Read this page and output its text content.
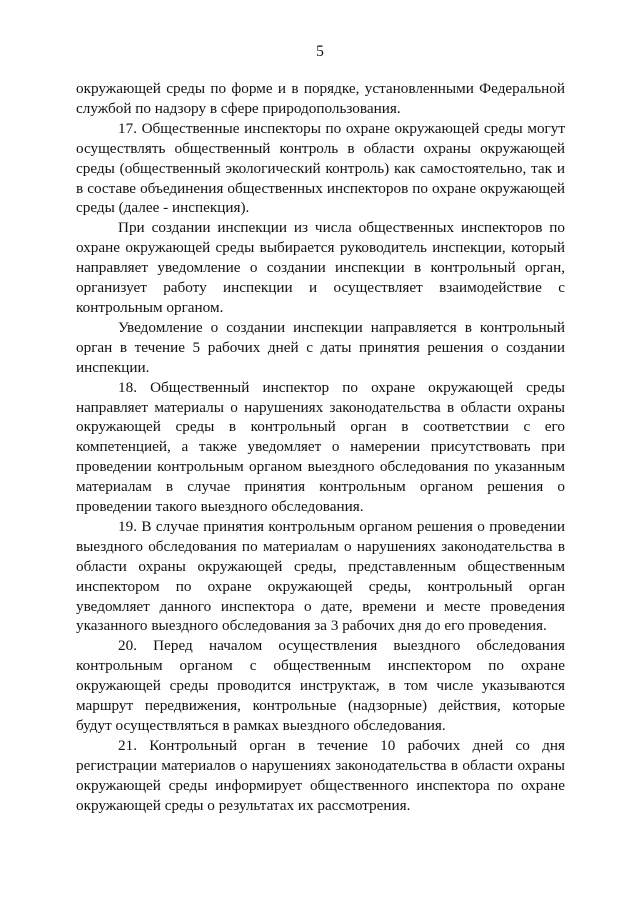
5

окружающей среды по форме и в порядке, установленными Федеральной службой по надзору в сфере природопользования.

17. Общественные инспекторы по охране окружающей среды могут осуществлять общественный контроль в области охраны окружающей среды (общественный экологический контроль) как самостоятельно, так и в составе объединения общественных инспекторов по охране окружающей среды (далее - инспекция).

При создании инспекции из числа общественных инспекторов по охране окружающей среды выбирается руководитель инспекции, который направляет уведомление о создании инспекции в контрольный орган, организует работу инспекции и осуществляет взаимодействие с контрольным органом.

Уведомление о создании инспекции направляется в контрольный орган в течение 5 рабочих дней с даты принятия решения о создании инспекции.

18. Общественный инспектор по охране окружающей среды направляет материалы о нарушениях законодательства в области охраны окружающей среды в контрольный орган в соответствии с его компетенцией, а также уведомляет о намерении присутствовать при проведении контрольным органом выездного обследования по указанным материалам в случае принятия контрольным органом решения о проведении такого выездного обследования.

19. В случае принятия контрольным органом решения о проведении выездного обследования по материалам о нарушениях законодательства в области охраны окружающей среды, представленным общественным инспектором по охране окружающей среды, контрольный орган уведомляет данного инспектора о дате, времени и месте проведения указанного выездного обследования за 3 рабочих дня до его проведения.

20. Перед началом осуществления выездного обследования контрольным органом с общественным инспектором по охране окружающей среды проводится инструктаж, в том числе указываются маршрут передвижения, контрольные (надзорные) действия, которые будут осуществляться в рамках выездного обследования.

21. Контрольный орган в течение 10 рабочих дней со дня регистрации материалов о нарушениях законодательства в области охраны окружающей среды информирует общественного инспектора по охране окружающей среды о результатах их рассмотрения.
